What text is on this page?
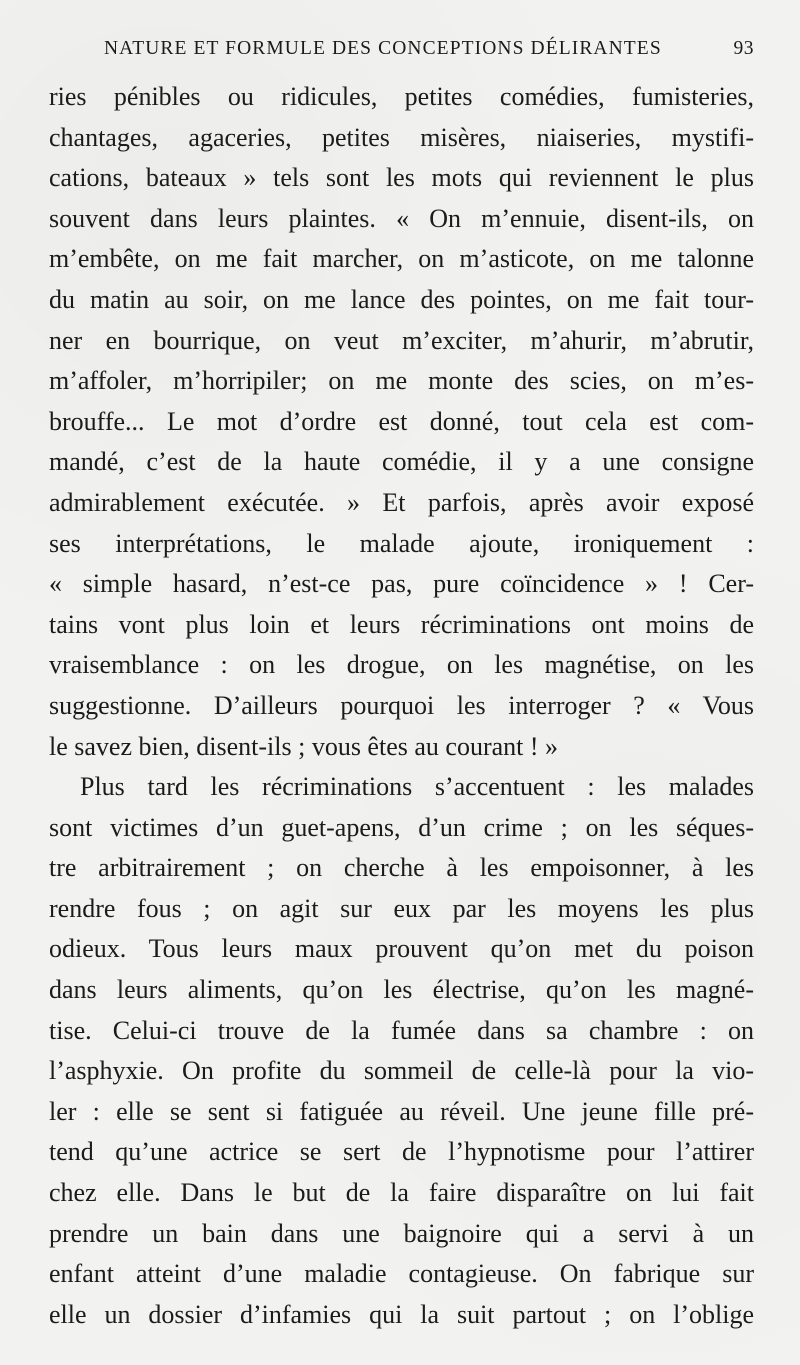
NATURE ET FORMULE DES CONCEPTIONS DÉLIRANTES	93
ries pénibles ou ridicules, petites comédies, fumisteries,
chantages, agaceries, petites misères, niaiseries, mystifi-
cations, bateaux » tels sont les mots qui reviennent le plus
souvent dans leurs plaintes. « On m’ennuie, disent-ils, on
m’embête, on me fait marcher, on m’asticote, on me talonne
du matin au soir, on me lance des pointes, on me fait tour-
ner en bourrique, on veut m’exciter, m’ahurir, m’abrutir,
m’affoler, m’horripiler; on me monte des scies, on m’es-
brouffe... Le mot d’ordre est donné, tout cela est com-
mandé, c’est de la haute comédie, il y a une consigne
admirablement exécutée. » Et parfois, après avoir exposé
ses interprétations, le malade ajoute, ironiquement :
« simple hasard, n’est-ce pas, pure coïncidence » ! Cer-
tains vont plus loin et leurs récriminations ont moins de
vraisemblance : on les drogue, on les magnétise, on les
suggestionne. D’ailleurs pourquoi les interroger ? « Vous
le savez bien, disent-ils ; vous êtes au courant ! »
Plus tard les récriminations s’accentuent : les malades
sont victimes d’un guet-apens, d’un crime ; on les séques-
tre arbitrairement ; on cherche à les empoisonner, à les
rendre fous ; on agit sur eux par les moyens les plus
odieux. Tous leurs maux prouvent qu’on met du poison
dans leurs aliments, qu’on les électrise, qu’on les magné-
tise. Celui-ci trouve de la fumée dans sa chambre : on
l’asphyxie. On profite du sommeil de celle-là pour la vio-
ler : elle se sent si fatiguée au réveil. Une jeune fille pré-
tend qu’une actrice se sert de l’hypnotisme pour l’attirer
chez elle. Dans le but de la faire disparaître on lui fait
prendre un bain dans une baignoire qui a servi à un
enfant atteint d’une maladie contagieuse. On fabrique sur
elle un dossier d’infamies qui la suit partout ; on l’oblige
